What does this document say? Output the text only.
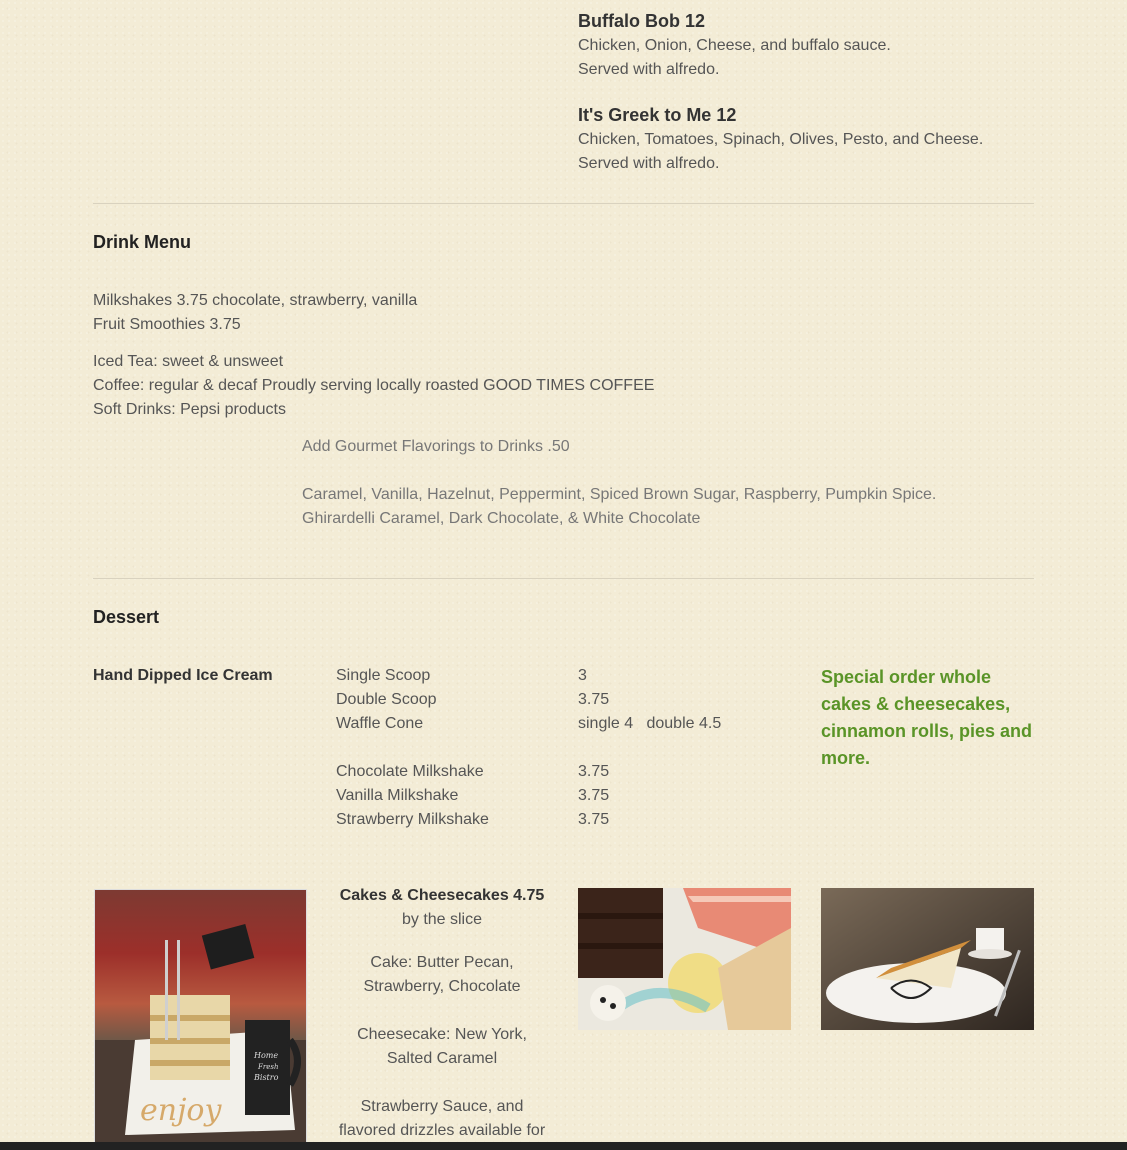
Buffalo Bob 12
Chicken, Onion, Cheese, and buffalo sauce.
Served with alfredo.
It's Greek to Me 12
Chicken, Tomatoes, Spinach, Olives, Pesto, and Cheese.
Served with alfredo.
Drink Menu
Milkshakes 3.75 chocolate, strawberry, vanilla
Fruit Smoothies 3.75
Iced Tea: sweet & unsweet
Coffee: regular & decaf Proudly serving locally roasted GOOD TIMES COFFEE
Soft Drinks: Pepsi products
Add Gourmet Flavorings to Drinks .50
Caramel, Vanilla, Hazelnut, Peppermint, Spiced Brown Sugar, Raspberry, Pumpkin Spice.
Ghirardelli Caramel, Dark Chocolate, & White Chocolate
Dessert
Hand Dipped Ice Cream	Single Scoop
Double Scoop
Waffle Cone
Chocolate Milkshake
Vanilla Milkshake
Strawberry Milkshake
3
3.75
single 4   double 4.5
3.75
3.75
3.75
Special order whole cakes & cheesecakes, cinnamon rolls, pies and more.
Home
Fresh
Bistro
enjoy
Cakes & Cheesecakes 4.75
by the slice
Cake: Butter Pecan,
Strawberry, Chocolate
Cheesecake: New York,
Salted Caramel
Strawberry Sauce, and
flavored drizzles available for
